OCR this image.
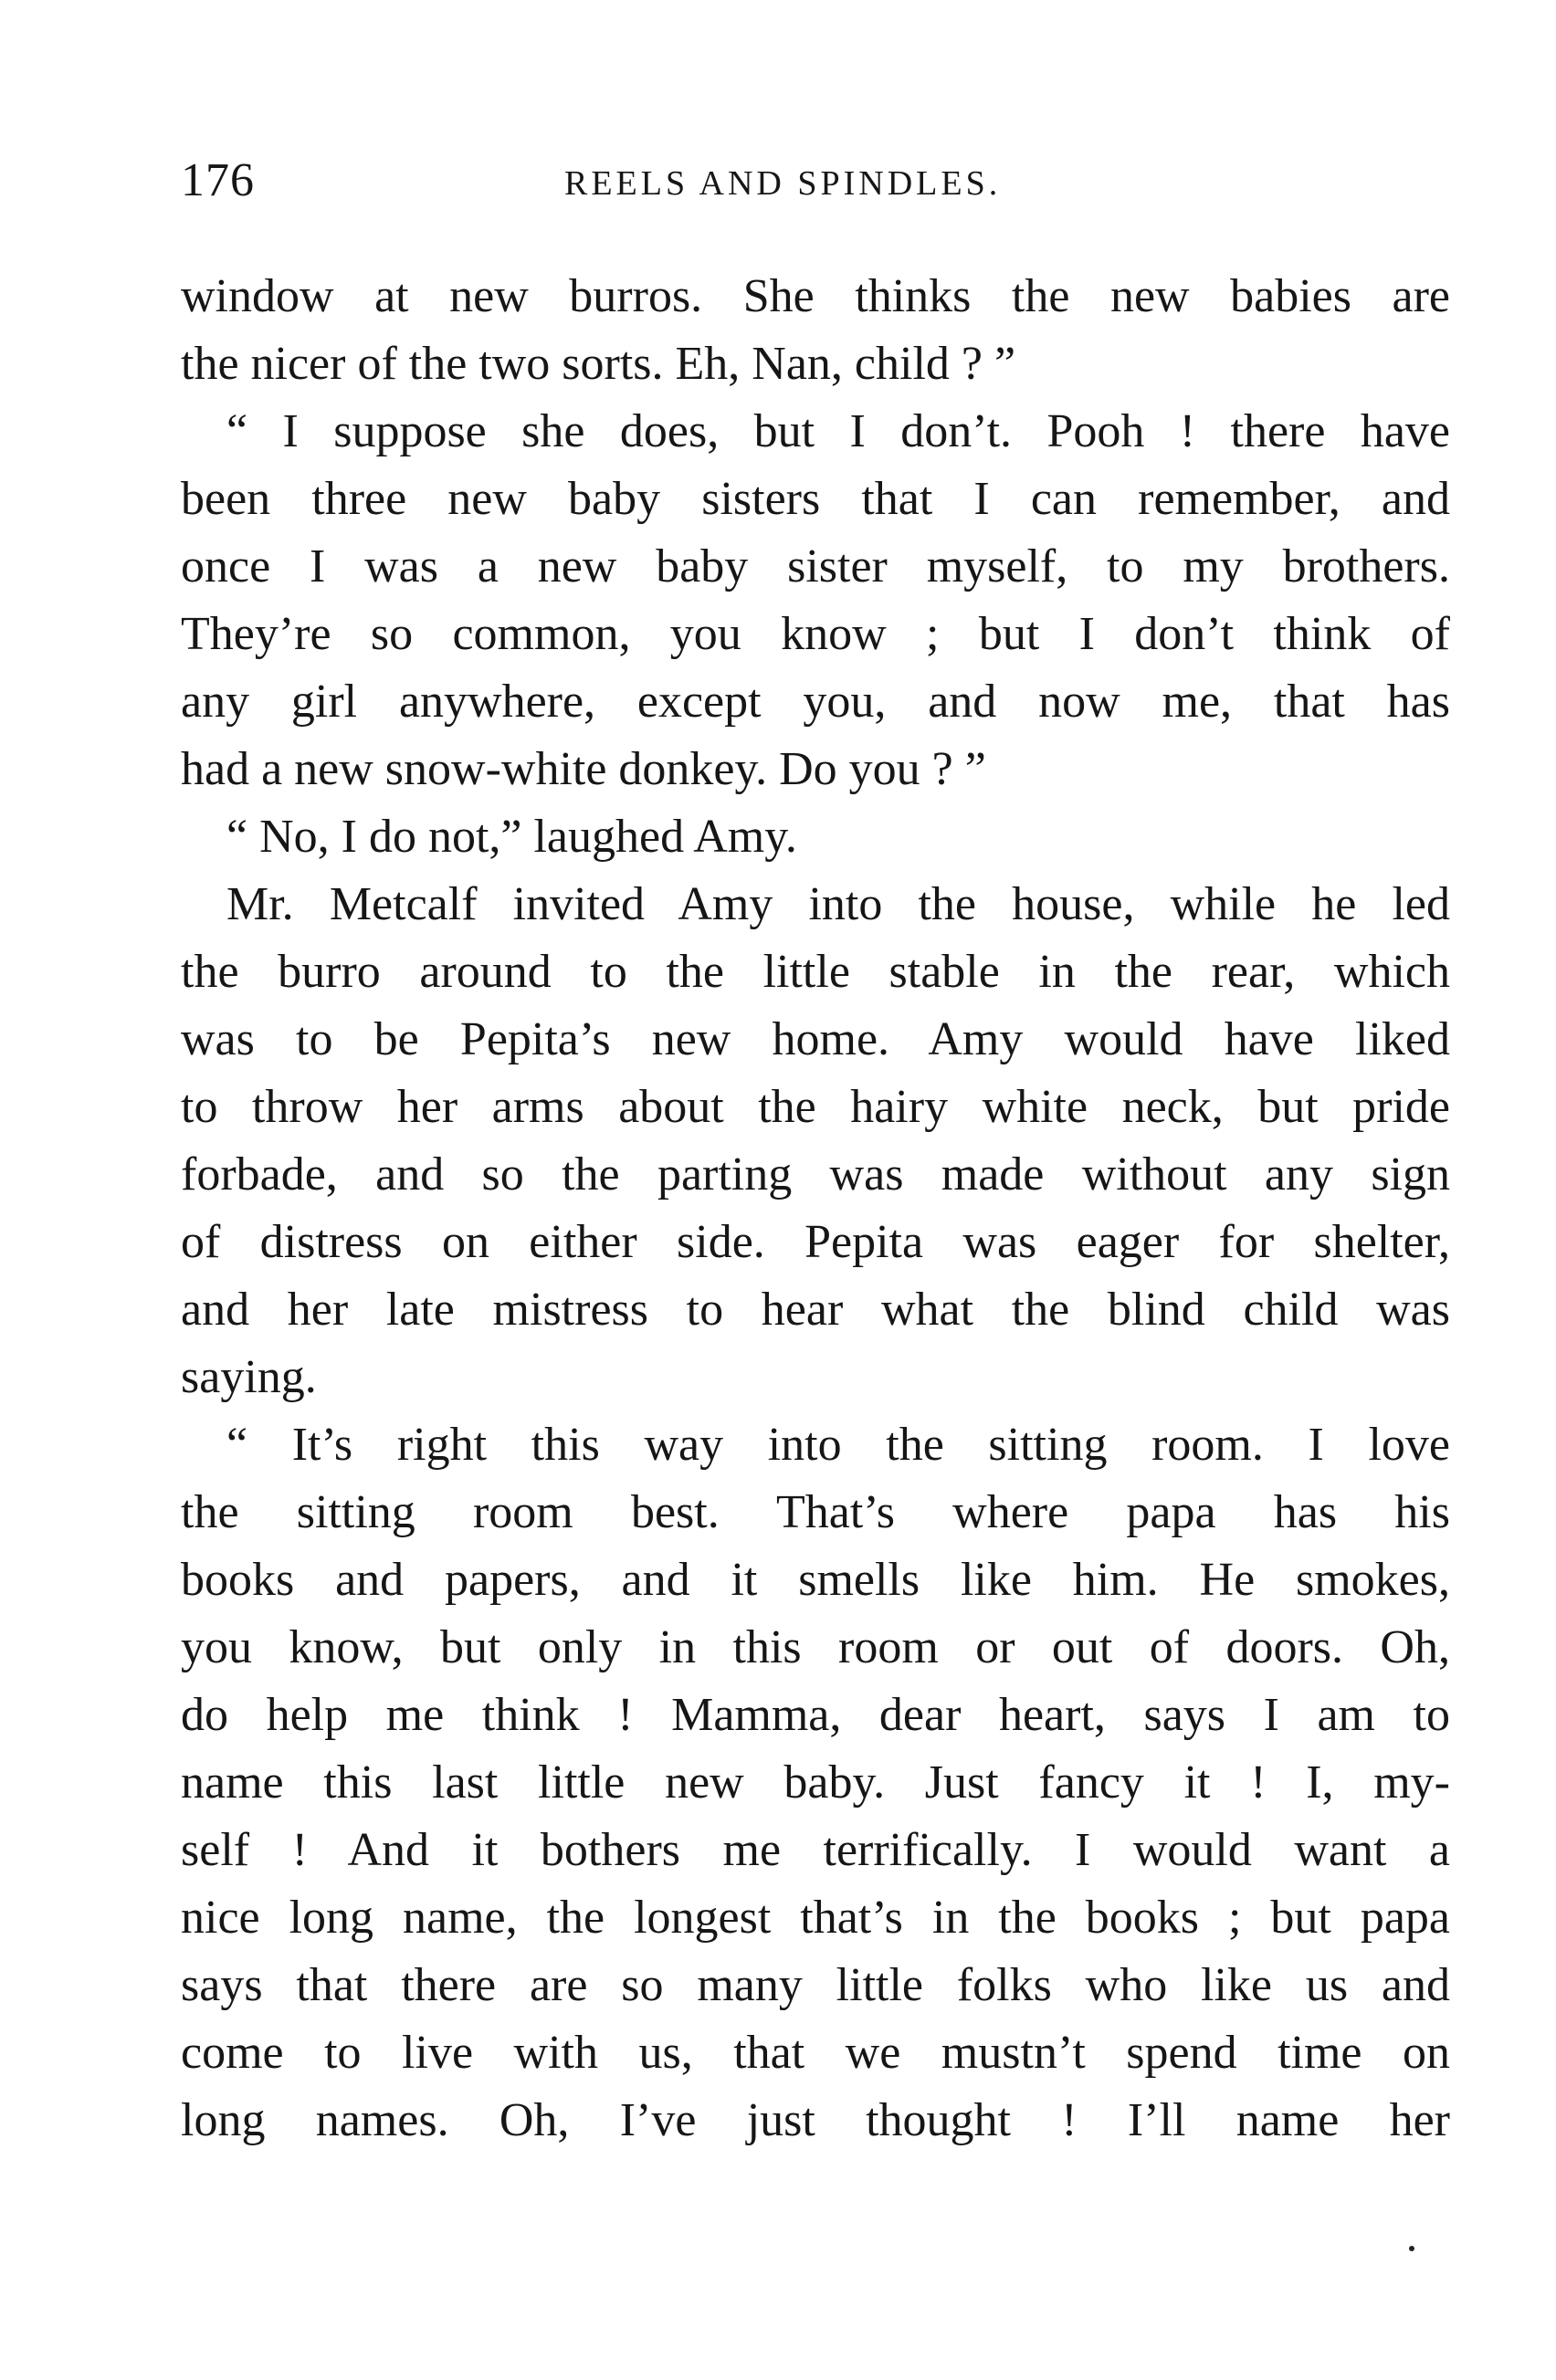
176	REELS AND SPINDLES.
window at new burros. She thinks the new babies are
the nicer of the two sorts. Eh, Nan, child ? ”
“ I suppose she does, but I don’t. Pooh ! there have
been three new baby sisters that I can remember, and
once I was a new baby sister myself, to my brothers.
They’re so common, you know ; but I don’t think of
any girl anywhere, except you, and now me, that has
had a new snow-white donkey. Do you ? ”
“ No, I do not,” laughed Amy.
Mr. Metcalf invited Amy into the house, while he led
the burro around to the little stable in the rear, which
was to be Pepita’s new home. Amy would have liked
to throw her arms about the hairy white neck, but pride
forbade, and so the parting was made without any sign
of distress on either side. Pepita was eager for shelter,
and her late mistress to hear what the blind child was
saying.
“ It’s right this way into the sitting room. I love
the sitting room best. That’s where papa has his
books and papers, and it smells like him. He smokes,
you know, but only in this room or out of doors. Oh,
do help me think ! Mamma, dear heart, says I am to
name this last little new baby. Just fancy it ! I, my-
self ! And it bothers me terrifically. I would want a
nice long name, the longest that’s in the books ; but papa
says that there are so many little folks who like us and
come to live with us, that we mustn’t spend time on
long names. Oh, I’ve just thought ! I’ll name her
